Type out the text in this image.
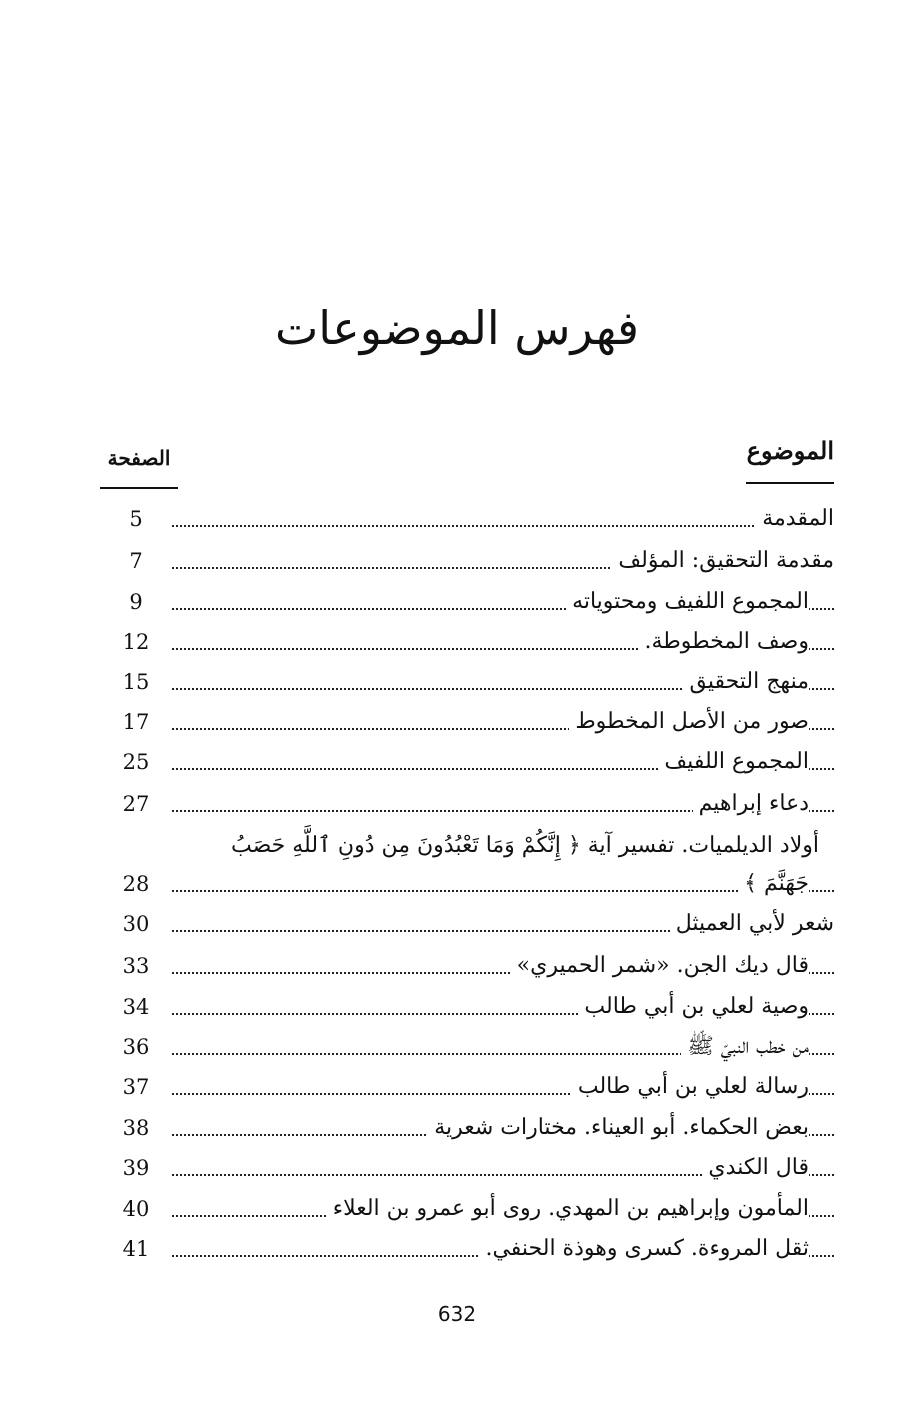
فهرس الموضوعات
الموضوع
الصفحة
المقدمة
5
مقدمة التحقيق: المؤلف
7
المجموع اللفيف ومحتوياته
9
وصف المخطوطة.
12
منهج التحقيق
15
صور من الأصل المخطوط
17
المجموع اللفيف
25
دعاء إبراهيم
27
جَهَنَّمَ ﴾
28
شعر لأبي العميثل
30
قال ديك الجن. «شمر الحميري»
33
وصية لعلي بن أبي طالب
34
من خطب النبيّ ﷺ
36
رسالة لعلي بن أبي طالب
37
بعض الحكماء. أبو العيناء. مختارات شعرية
38
قال الكندي
39
المأمون وإبراهيم بن المهدي. روى أبو عمرو بن العلاء
40
ثقل المروءة. كسرى وهوذة الحنفي.
41
أولاد الديلميات. تفسير آية ﴿ إِنَّكُمْ وَمَا تَعْبُدُونَ مِن دُونِ ٱللَّهِ حَصَبُ
632
